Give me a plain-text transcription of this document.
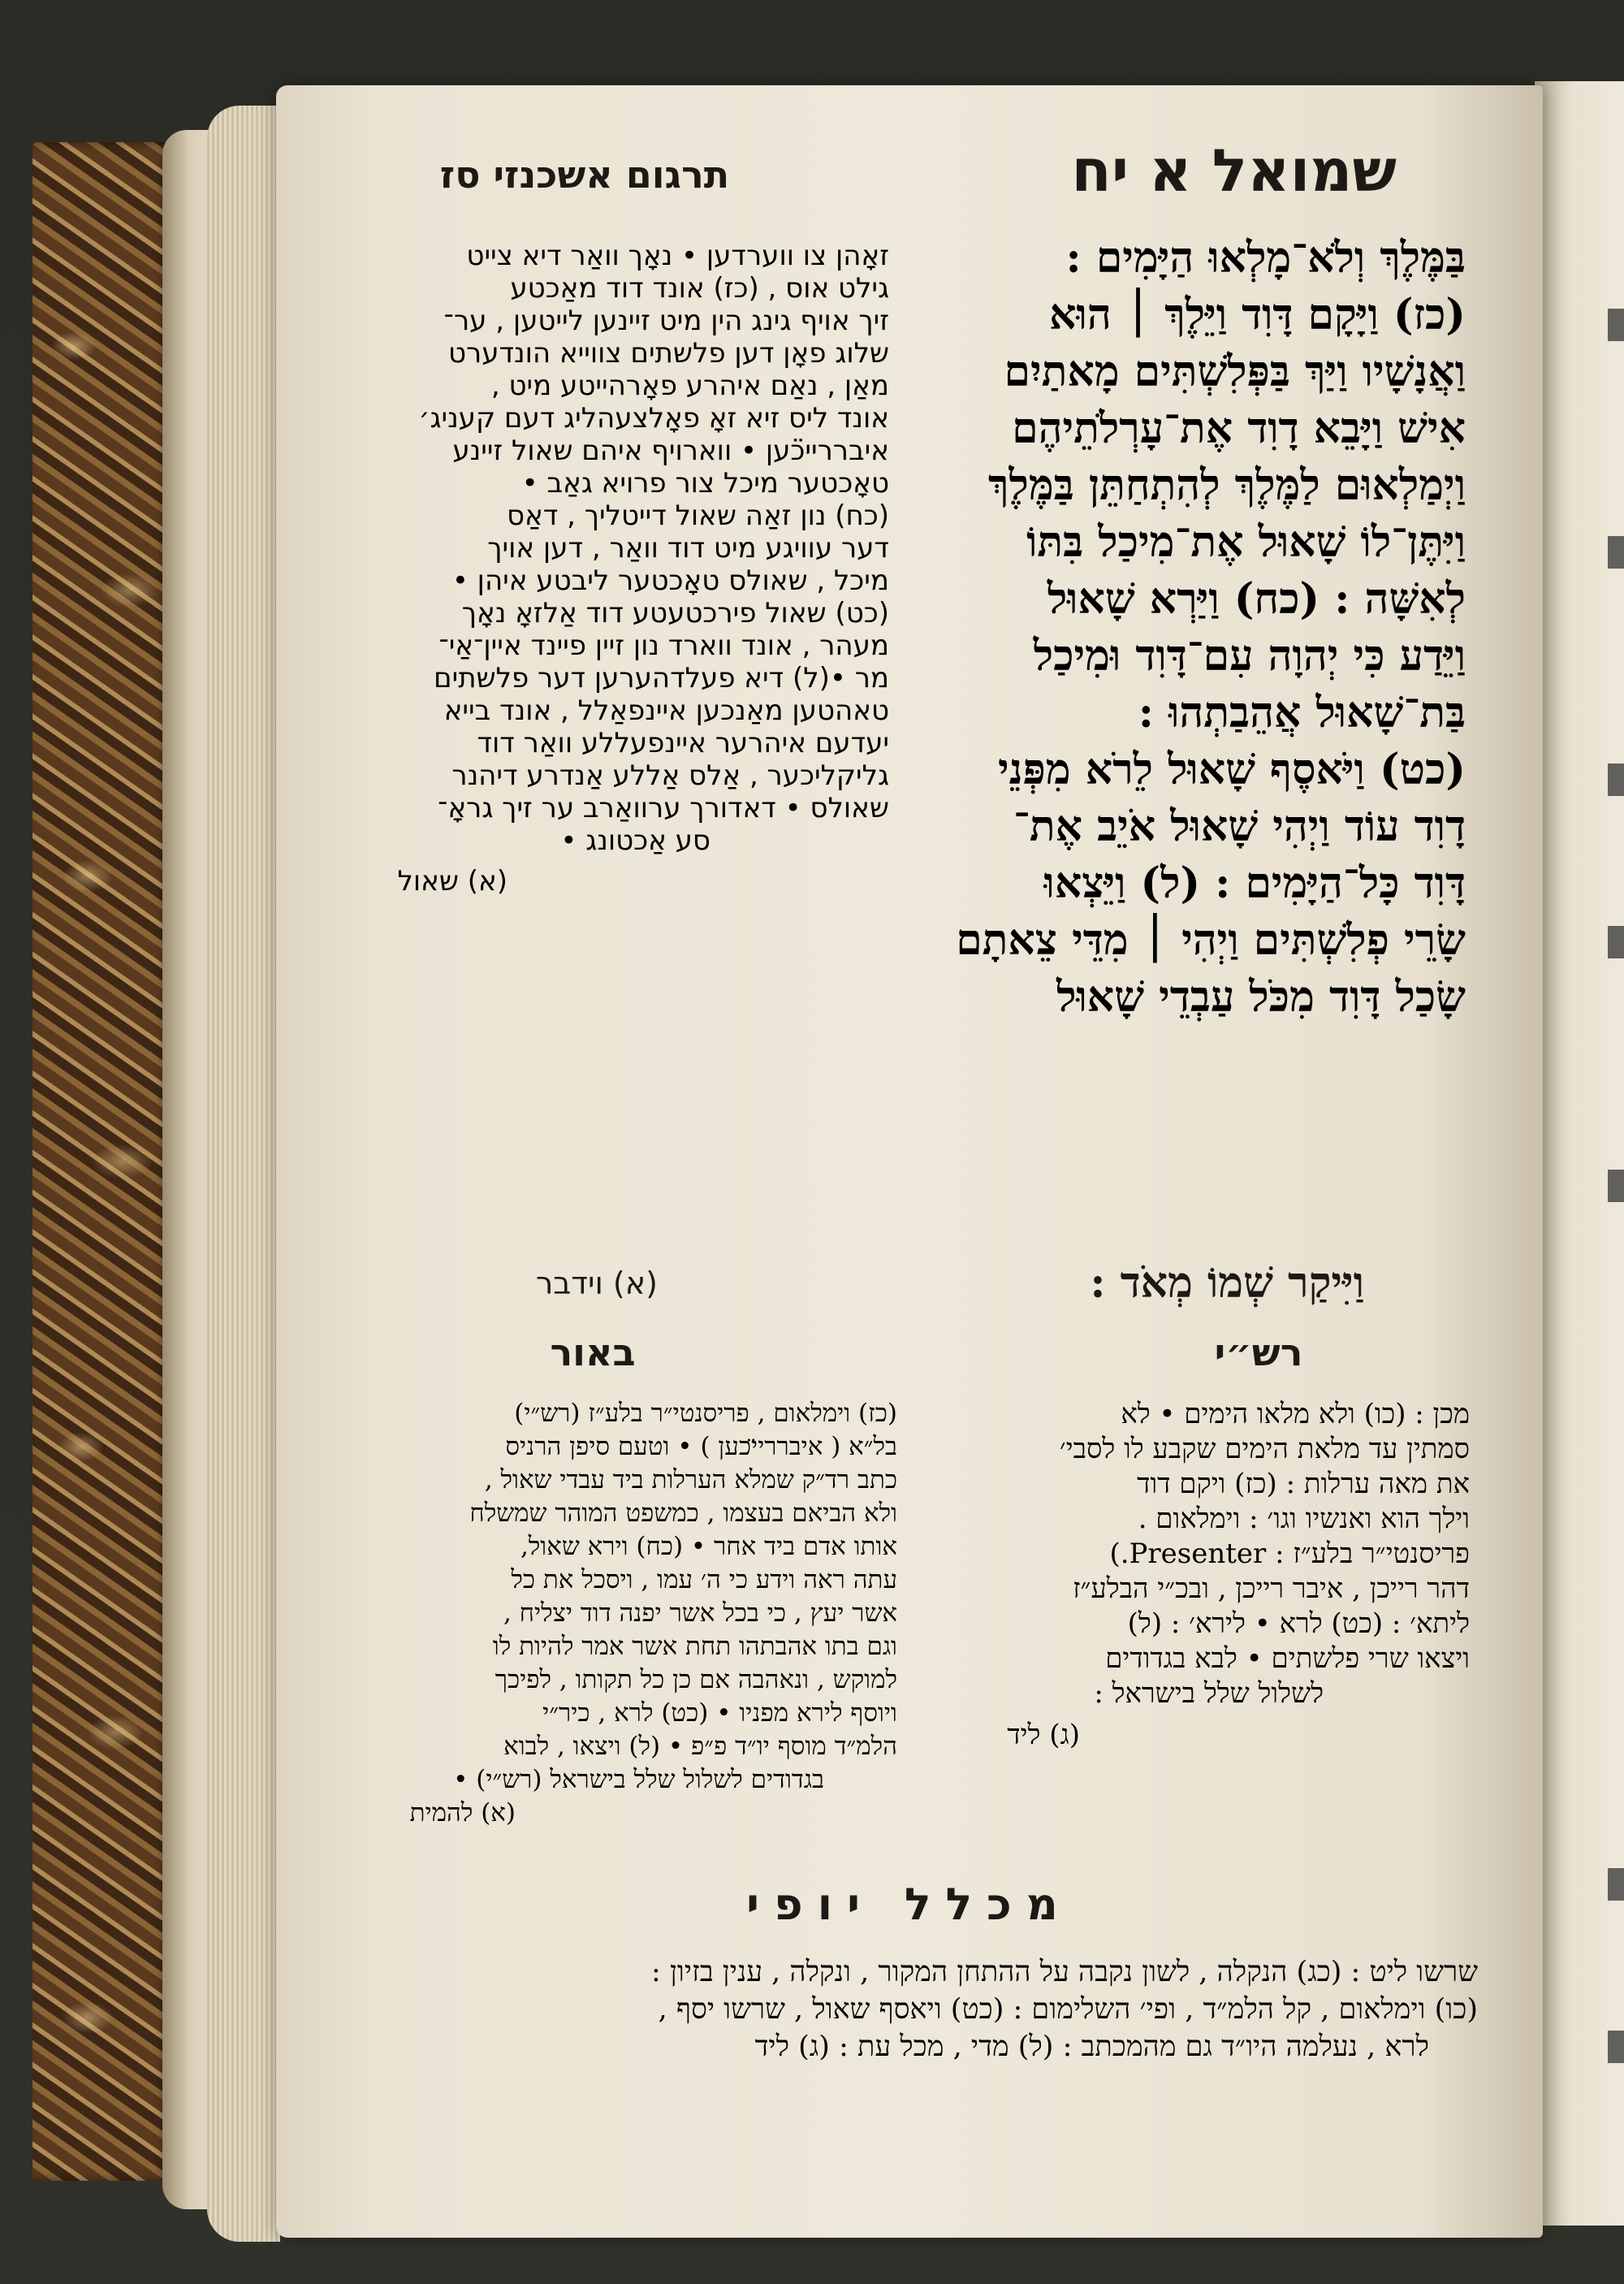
תרגום אשכנזי סז	שמואל א יח
בַּמֶּלֶךְ וְלֹא־מָלְאוּ הַיָּמִים :
(כז) וַיָּקָם דָּוִד וַיֵּלֶךְ ׀ הוּא
וַאֲנָשָׁיו וַיַּךְ בַּפְּלִשְׁתִּים מָאתַיִם
אִישׁ וַיָּבֵא דָוִד אֶת־עָרְלֹתֵיהֶם
וַיְמַלְאוּם לַמֶּלֶךְ לְהִתְחַתֵּן בַּמֶּלֶךְ
וַיִּתֶּן־לוֹ שָׁאוּל אֶת־מִיכַל בִּתּוֹ
לְאִשָּׁה : (כח) וַיַּרְא שָׁאוּל
וַיֵּדַע כִּי יְהוָה עִם־דָּוִד וּמִיכַל
בַּת־שָׁאוּל אֲהֵבַתְהוּ :
(כט) וַיֹּאסֶף שָׁאוּל לֵרֹא מִפְּנֵי
דָוִד עוֹד וַיְהִי שָׁאוּל אֹיֵב אֶת־
דָּוִד כָּל־הַיָּמִים : (ל) וַיֵּצְאוּ
שָׂרֵי פְלִשְׁתִּים וַיְהִי ׀ מִדֵּי צֵאתָם
שָׂכַל דָּוִד מִכֹּל עַבְדֵי שָׁאוּל
זאָהן צו ווערדען • נאָך וואַר דיא צייט
גילט אוס , (כז) אונד דוד מאַכטע
זיך אויף גינג הין מיט זיינען לייטען , ער־
שלוג פאָן דען פלשתים צווייא הונדערט
מאַן , נאַם איהרע פאָרהייטע מיט ,
אונד ליס זיא זאָ פאָלצעהליג דעם קעניג׳
איברריי̈כען • ווארויף איהם שאול זיינע
טאָכטער מיכל צור פרויא גאַב •
(כח) נון זאַה שאול דייטליך , דאַס
דער עוויגע מיט דוד וואַר , דען אויך
מיכל , שאולס טאָכטער ליבטע איהן •
(כט) שאול פירכטעטע דוד אַלזאָ נאָך
מעהר , אונד ווארד נון זיין פיינד איין־אַי־
מר •(ל) דיא פעלדהערען דער פלשתים
טאהטען מאַנכען איינפאַלל , אונד בייא
יעדעם איהרער איינפעללע וואַר דוד
גליקליכער , אַלס אַללע אַנדרע דיהנר
שאולס • דאדורך ערוואַרב ער זיך גראָ־
סע אַכטונג •
(א) שאול
וַיִּיקַר שְׁמוֹ מְאֹד :
(א) וידבר
רש״י
באור
מכן : (כו) ולא מלאו הימים • לא
סמתין עד מלאת הימים שקבע לו לסבי׳
את מאה ערלות : (כז) ויקם דוד
וילך הוא ואנשיו וגו׳ : וימלאום .
פריסנטי״ר בלע״ז : Presenter.)
דהר רייכן , איבר רייכן , ובכ״י הבלע״ז
ליתא׳ : (כט) לרא • לירא׳ : (ל)
ויצאו שרי פלשתים • לבא בגדודים
לשלול שלל בישראל :
(ג) ליד
(כז) וימלאום , פריסנטי״ר בלע״ז (רש״י)
בל״א ( איברריי̈כען ) • וטעם סיפן הרניס
כתב רד״ק שמלא הערלות ביד עבדי שאול ,
ולא הביאם בעצמו , כמשפט המוהר שמשלח
אותו אדם ביד אחר • (כח) וירא שאול,
עתה ראה וידע כי ה׳ עמו , ויסכל את כל
אשר יעץ , כי בכל אשר יפנה דוד יצליח ,
וגם בתו אהבתהו תחת אשר אמר להיות לו
למוקש , ונאהבה אם כן כל תקותו , לפיכך
ויוסף לירא מפניו • (כט) לרא , כיר״י
הלמ״ד מוסף יו״ד פ״פ • (ל) ויצאו , לבוא
בגדודים לשלול שלל בישראל (רש״י) •
(א) להמית
מכלל יופי
שרשו ליט : (כג) הנקלה , לשון נקבה על ההתחן המקור , ונקלה , ענין בזיון :
(כו) וימלאום , קל הלמ״ד , ופי׳ השלימום : (כט) ויאסף שאול , שרשו יסף ,
לרא , נעלמה היו״ד גם מהמכתב : (ל) מדי , מכל עת : (ג) ליד
